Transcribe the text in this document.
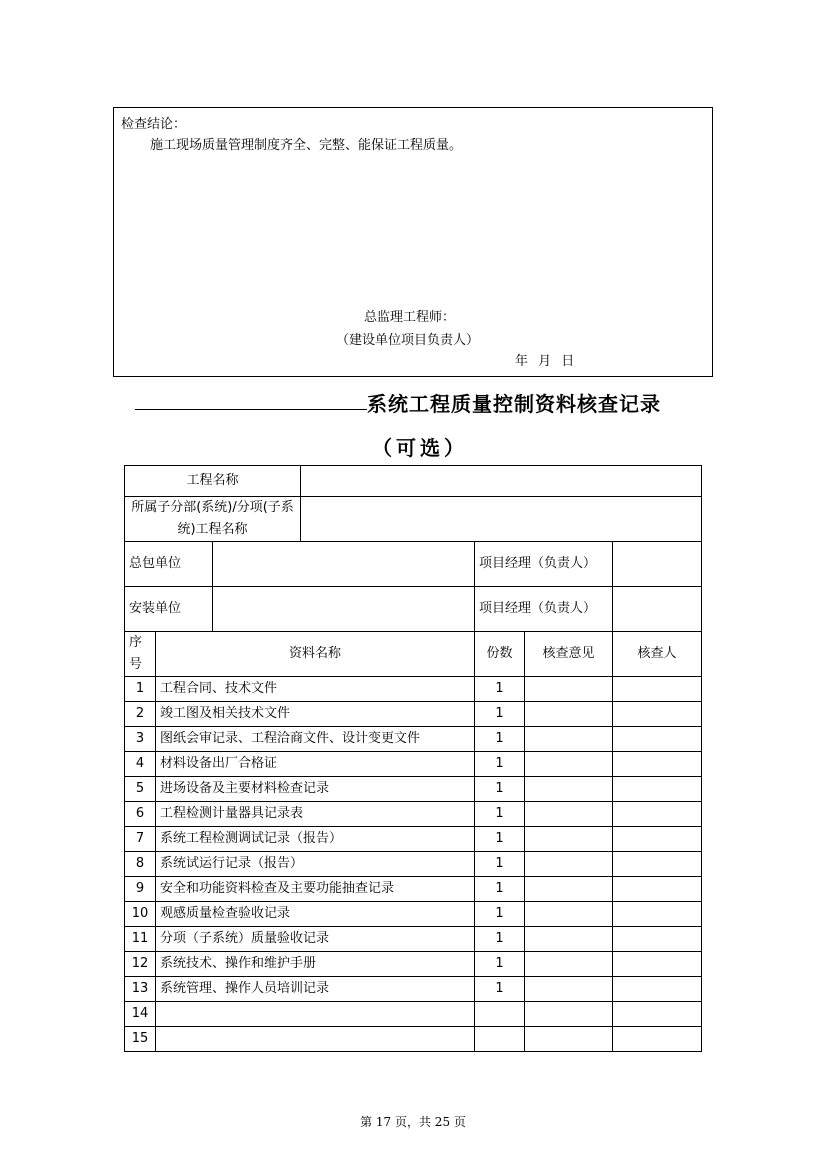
检查结论：
施工现场质量管理制度齐全、完整、能保证工程质量。
总监理工程师：
（建设单位项目负责人）
年 月 日
系统工程质量控制资料核查记录
（可选）
工程名称						
所属子分部(系统)/分项(子系统)工程名称						
总包单位				项目经理（负责人）		
安装单位				项目经理（负责人）		
序号	资料名称			份数	核查意见	核查人
1	工程合同、技术文件			1		
2	竣工图及相关技术文件			1		
3	图纸会审记录、工程洽商文件、设计变更文件			1		
4	材料设备出厂合格证			1		
5	进场设备及主要材料检查记录			1		
6	工程检测计量器具记录表			1		
7	系统工程检测调试记录（报告）			1		
8	系统试运行记录（报告）			1		
9	安全和功能资料检查及主要功能抽查记录			1		
10	观感质量检查验收记录			1		
11	分项（子系统）质量验收记录			1		
12	系统技术、操作和维护手册			1		
13	系统管理、操作人员培训记录			1		
14						
15						
第 17 页，共 25 页
